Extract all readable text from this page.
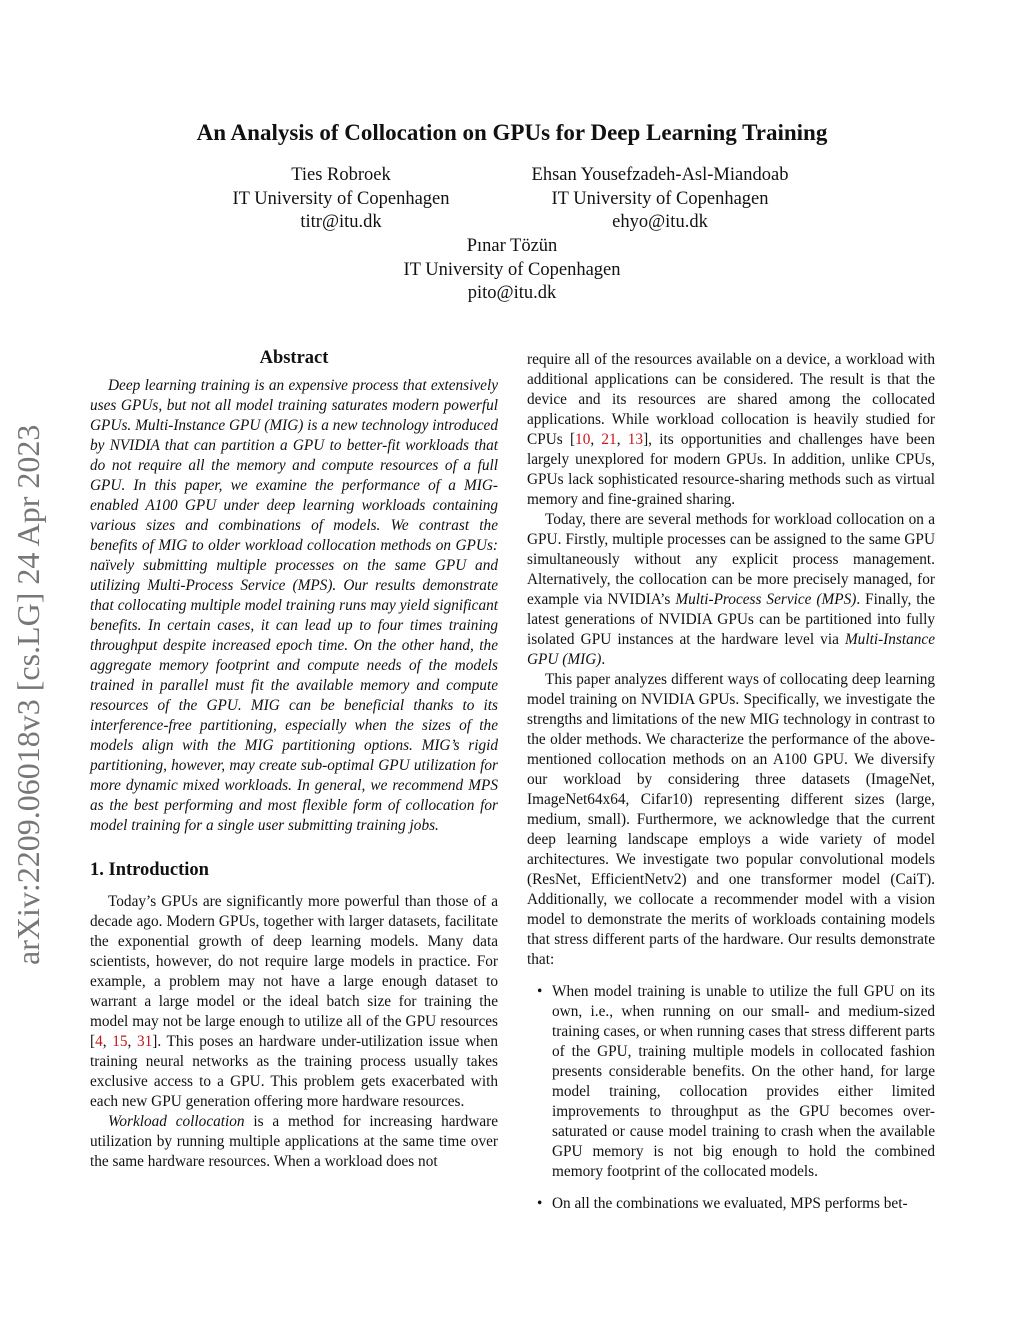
An Analysis of Collocation on GPUs for Deep Learning Training
Ties Robroek
IT University of Copenhagen
titr@itu.dk
Ehsan Yousefzadeh-Asl-Miandoab
IT University of Copenhagen
ehyo@itu.dk
Pınar Tözün
IT University of Copenhagen
pito@itu.dk
arXiv:2209.06018v3 [cs.LG] 24 Apr 2023
Abstract

Deep learning training is an expensive process that extensively uses GPUs, but not all model training saturates modern powerful GPUs. Multi-Instance GPU (MIG) is a new technology introduced by NVIDIA that can partition a GPU to better-fit workloads that do not require all the memory and compute resources of a full GPU. In this paper, we examine the performance of a MIG-enabled A100 GPU under deep learning workloads containing various sizes and combinations of models. We contrast the benefits of MIG to older workload collocation methods on GPUs: naïvely submitting multiple processes on the same GPU and utilizing Multi-Process Service (MPS). Our results demonstrate that collocating multiple model training runs may yield significant benefits. In certain cases, it can lead up to four times training throughput despite increased epoch time. On the other hand, the aggregate memory footprint and compute needs of the models trained in parallel must fit the available memory and compute resources of the GPU. MIG can be beneficial thanks to its interference-free partitioning, especially when the sizes of the models align with the MIG partitioning options. MIG’s rigid partitioning, however, may create sub-optimal GPU utilization for more dynamic mixed workloads. In general, we recommend MPS as the best performing and most flexible form of collocation for model training for a single user submitting training jobs.

1. Introduction

Today’s GPUs are significantly more powerful than those of a decade ago. Modern GPUs, together with larger datasets, facilitate the exponential growth of deep learning models. Many data scientists, however, do not require large models in practice. For example, a problem may not have a large enough dataset to warrant a large model or the ideal batch size for training the model may not be large enough to utilize all of the GPU resources [4, 15, 31]. This poses an hardware under-utilization issue when training neural networks as the training process usually takes exclusive access to a GPU. This problem gets exacerbated with each new GPU generation offering more hardware resources.

Workload collocation is a method for increasing hardware utilization by running multiple applications at the same time over the same hardware resources. When a workload does not

require all of the resources available on a device, a workload with additional applications can be considered. The result is that the device and its resources are shared among the collocated applications. While workload collocation is heavily studied for CPUs [10, 21, 13], its opportunities and challenges have been largely unexplored for modern GPUs. In addition, unlike CPUs, GPUs lack sophisticated resource-sharing methods such as virtual memory and fine-grained sharing.

Today, there are several methods for workload collocation on a GPU. Firstly, multiple processes can be assigned to the same GPU simultaneously without any explicit process management. Alternatively, the collocation can be more precisely managed, for example via NVIDIA’s Multi-Process Service (MPS). Finally, the latest generations of NVIDIA GPUs can be partitioned into fully isolated GPU instances at the hardware level via Multi-Instance GPU (MIG).

This paper analyzes different ways of collocating deep learning model training on NVIDIA GPUs. Specifically, we investigate the strengths and limitations of the new MIG technology in contrast to the older methods. We characterize the performance of the above-mentioned collocation methods on an A100 GPU. We diversify our workload by considering three datasets (ImageNet, ImageNet64x64, Cifar10) representing different sizes (large, medium, small). Furthermore, we acknowledge that the current deep learning landscape employs a wide variety of model architectures. We investigate two popular convolutional models (ResNet, EfficientNetv2) and one transformer model (CaiT). Additionally, we collocate a recommender model with a vision model to demonstrate the merits of workloads containing models that stress different parts of the hardware. Our results demonstrate that:

• When model training is unable to utilize the full GPU on its own, i.e., when running on our small- and medium-sized training cases, or when running cases that stress different parts of the GPU, training multiple models in collocated fashion presents considerable benefits. On the other hand, for large model training, collocation provides either limited improvements to throughput as the GPU becomes over-saturated or cause model training to crash when the available GPU memory is not big enough to hold the combined memory footprint of the collocated models.

• On all the combinations we evaluated, MPS performs bet-
